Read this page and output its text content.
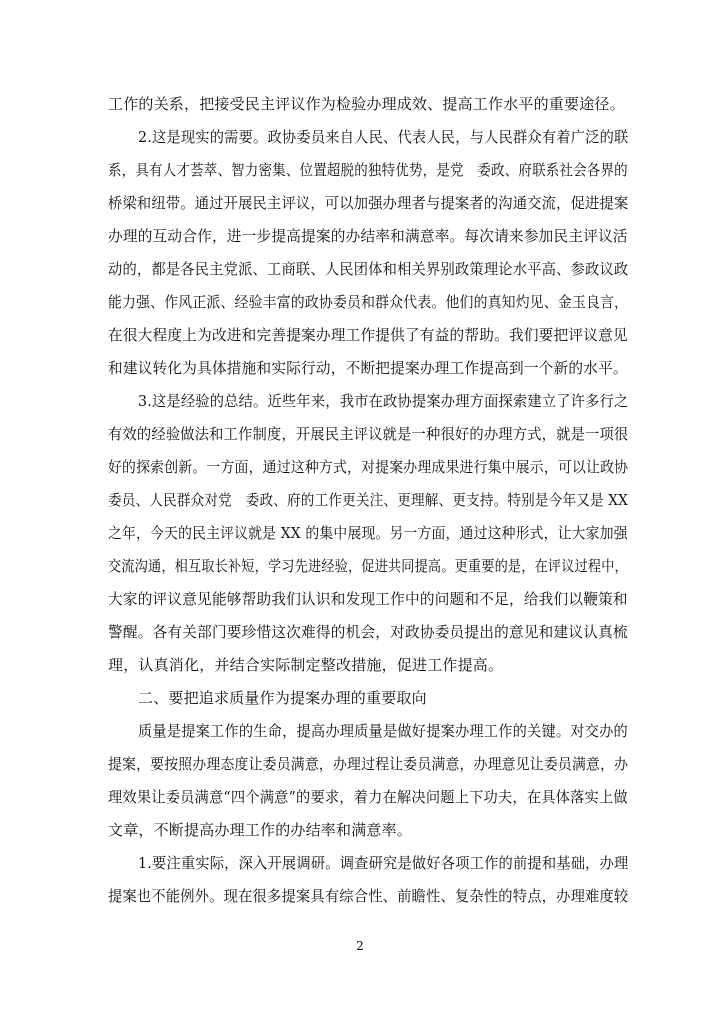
工作的关系，把接受民主评议作为检验办理成效、提高工作水平的重要途径。
2.这是现实的需要。政协委员来自人民、代表人民，与人民群众有着广泛的联
系，具有人才荟萃、智力密集、位置超脱的独特优势，是党　委政、府联系社会各界的
桥梁和纽带。通过开展民主评议，可以加强办理者与提案者的沟通交流，促进提案
办理的互动合作，进一步提高提案的办结率和满意率。每次请来参加民主评议活
动的，都是各民主党派、工商联、人民团体和相关界别政策理论水平高、参政议政
能力强、作风正派、经验丰富的政协委员和群众代表。他们的真知灼见、金玉良言，
在很大程度上为改进和完善提案办理工作提供了有益的帮助。我们要把评议意见
和建议转化为具体措施和实际行动，不断把提案办理工作提高到一个新的水平。
3.这是经验的总结。近些年来，我市在政协提案办理方面探索建立了许多行之
有效的经验做法和工作制度，开展民主评议就是一种很好的办理方式，就是一项很
好的探索创新。一方面，通过这种方式，对提案办理成果进行集中展示，可以让政协
委员、人民群众对党　委政、府的工作更关注、更理解、更支持。特别是今年又是 XX
之年，今天的民主评议就是 XX 的集中展现。另一方面，通过这种形式，让大家加强
交流沟通，相互取长补短，学习先进经验，促进共同提高。更重要的是，在评议过程中，
大家的评议意见能够帮助我们认识和发现工作中的问题和不足，给我们以鞭策和
警醒。各有关部门要珍惜这次难得的机会，对政协委员提出的意见和建议认真梳
理，认真消化，并结合实际制定整改措施，促进工作提高。
二、要把追求质量作为提案办理的重要取向
质量是提案工作的生命，提高办理质量是做好提案办理工作的关键。对交办的
提案，要按照办理态度让委员满意，办理过程让委员满意，办理意见让委员满意，办
理效果让委员满意“四个满意”的要求，着力在解决问题上下功夫，在具体落实上做
文章，不断提高办理工作的办结率和满意率。
1.要注重实际，深入开展调研。调查研究是做好各项工作的前提和基础，办理
提案也不能例外。现在很多提案具有综合性、前瞻性、复杂性的特点，办理难度较
2
